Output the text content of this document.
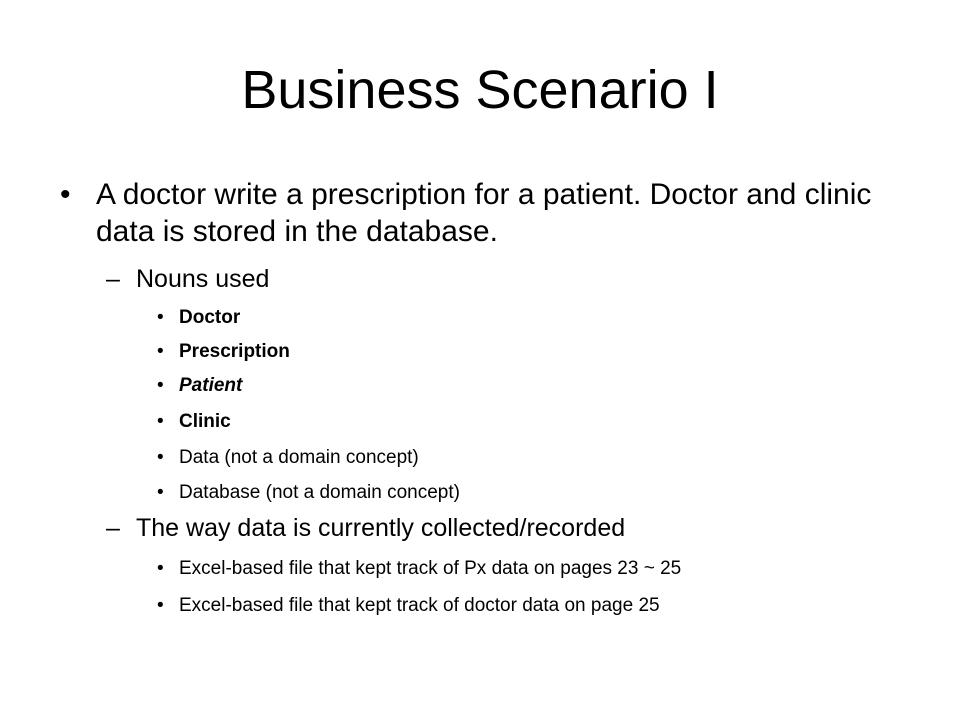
Business Scenario I
• A doctor write a prescription for a patient. Doctor and clinic data is stored in the database.
– Nouns used
• Doctor
• Prescription
• Patient
• Clinic
• Data (not a domain concept)
• Database (not a domain concept)
– The way data is currently collected/recorded
• Excel-based file that kept track of Px data on pages 23 ~ 25
• Excel-based file that kept track of doctor data on page 25
